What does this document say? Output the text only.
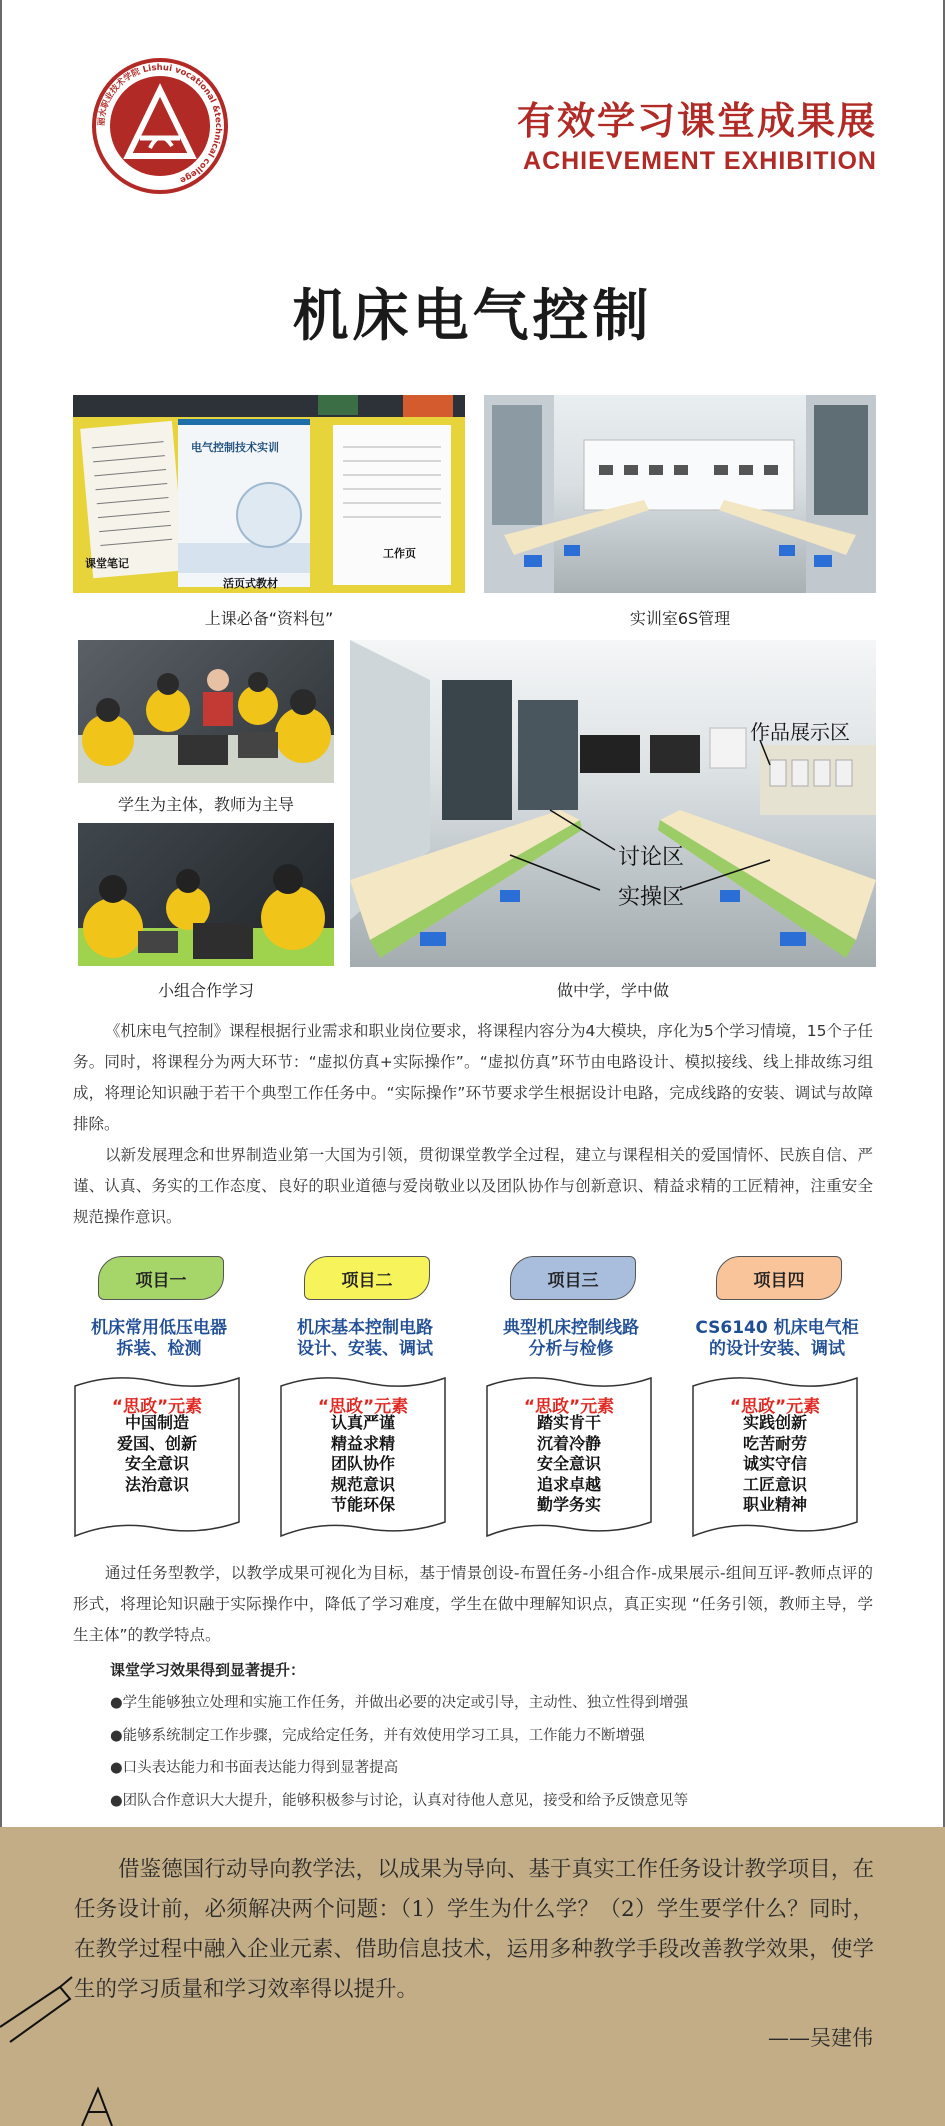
丽水职业技术学院 Lishui vocational &technical college
有效学习课堂成果展
ACHIEVEMENT EXHIBITION
机床电气控制
电气控制技术实训
课堂笔记
活页式教材
工作页
上课必备“资料包”	实训室6S管理
学生为主体，教师为主导
小组合作学习
作品展示区
讨论区
实操区
做中学，学中做
《机床电气控制》课程根据行业需求和职业岗位要求，将课程内容分为4大模块，序化为5个学习情境，15个子任务。同时，将课程分为两大环节：“虚拟仿真+实际操作”。“虚拟仿真”环节由电路设计、模拟接线、线上排故练习组成，将理论知识融于若干个典型工作任务中。“实际操作”环节要求学生根据设计电路，完成线路的安装、调试与故障排除。
以新发展理念和世界制造业第一大国为引领，贯彻课堂教学全过程，建立与课程相关的爱国情怀、民族自信、严谨、认真、务实的工作态度、良好的职业道德与爱岗敬业以及团队协作与创新意识、精益求精的工匠精神，注重安全规范操作意识。
项目一
机床常用低压电器
拆装、检测
“思政”元素
中国制造
爱国、创新
安全意识
法治意识
项目二
机床基本控制电路
设计、安装、调试
“思政”元素
认真严谨
精益求精
团队协作
规范意识
节能环保
项目三
典型机床控制线路
分析与检修
“思政”元素
踏实肯干
沉着冷静
安全意识
追求卓越
勤学务实
项目四
CS6140 机床电气柜
的设计安装、调试
“思政”元素
实践创新
吃苦耐劳
诚实守信
工匠意识
职业精神
通过任务型教学，以教学成果可视化为目标，基于情景创设-布置任务-小组合作-成果展示-组间互评-教师点评的形式，将理论知识融于实际操作中，降低了学习难度，学生在做中理解知识点，真正实现 “任务引领，教师主导，学生主体”的教学特点。
课堂学习效果得到显著提升：
●学生能够独立处理和实施工作任务，并做出必要的决定或引导，主动性、独立性得到增强
●能够系统制定工作步骤，完成给定任务，并有效使用学习工具，工作能力不断增强
●口头表达能力和书面表达能力得到显著提高
●团队合作意识大大提升，能够积极参与讨论，认真对待他人意见，接受和给予反馈意见等
借鉴德国行动导向教学法，以成果为导向、基于真实工作任务设计教学项目，在任务设计前，必须解决两个问题：（1）学生为什么学？（2）学生要学什么？同时，在教学过程中融入企业元素、借助信息技术，运用多种教学手段改善教学效果，使学生的学习质量和学习效率得以提升。
——吴建伟
